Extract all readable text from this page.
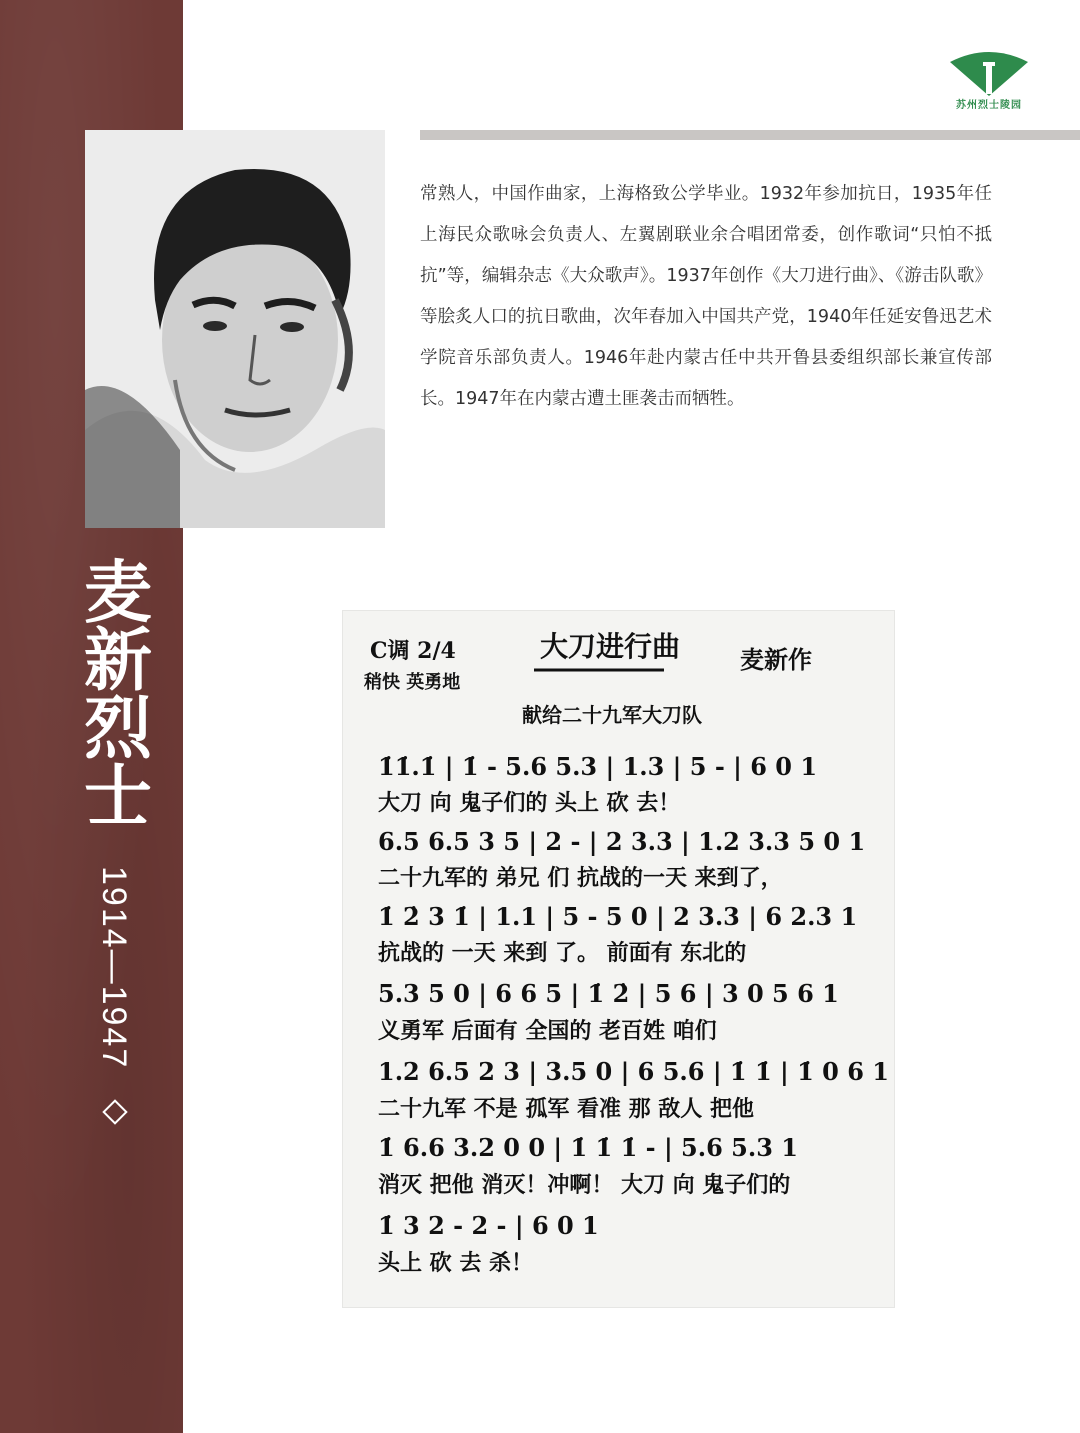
麦新烈士
1914—1947
苏州烈士陵园
常熟人，中国作曲家，上海格致公学毕业。1932年参加抗日，1935年任上海民众歌咏会负责人、左翼剧联业余合唱团常委，创作歌词“只怕不抵抗”等，编辑杂志《大众歌声》。1937年创作《大刀进行曲》、《游击队歌》等脍炙人口的抗日歌曲，次年春加入中国共产党，1940年任延安鲁迅艺术学院音乐部负责人。1946年赴内蒙古任中共开鲁县委组织部长兼宣传部长。1947年在内蒙古遭土匪袭击而牺牲。
C调 2/4
稍快 英勇地
大刀进行曲 麦新作
献给二十九军大刀队
1̇1̇.1̇ | 1̇ - 5.6 5.3 | 1.3 | 5 - | 6 0 1
大刀 向 鬼子们的 头上 砍 去！
6.5 6.5 3 5 | 2 - | 2 3.3 | 1.2 3.3 5 0 1
二十九军的 弟兄 们 抗战的一天 来到了，
1̇ 2̇ 3 1̇ | 1.1 | 5 - 5 0 | 2 3.3 | 6 2.3 1
抗战的 一天 来到 了。 前面有 东北的
5.3 5 0 | 6 6 5 | 1̇ 2̇ | 5 6 | 3 0 5 6 1
义勇军 后面有 全国的 老百姓 咱们
1.2 6.5 2 3 | 3.5 0 | 6 5.6 | 1̇ 1̇ | 1̇ 0 6 1
二十九军 不是 孤军 看准 那 敌人 把他
1̇ 6.6 3.2 0 0 | 1̇ 1̇ 1̇ - | 5.6 5.3 1
消灭 把他 消灭！冲啊！ 大刀 向 鬼子们的
1̇ 3 2 - 2 - | 6 0 1
头上 砍 去 杀！
